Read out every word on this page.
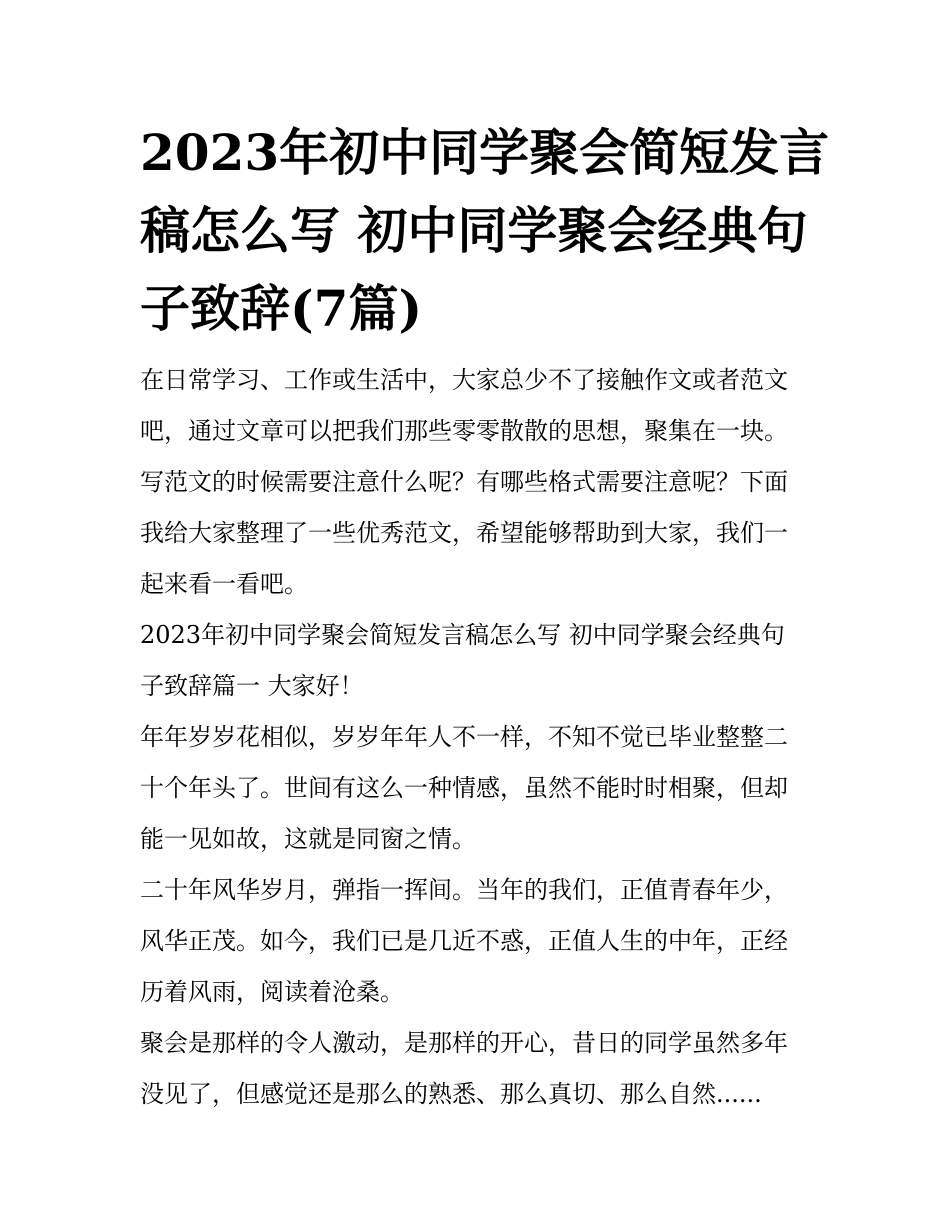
2023年初中同学聚会简短发言
稿怎么写 初中同学聚会经典句
子致辞(7篇)
在日常学习、工作或生活中，大家总少不了接触作文或者范文
吧，通过文章可以把我们那些零零散散的思想，聚集在一块。
写范文的时候需要注意什么呢？有哪些格式需要注意呢？下面
我给大家整理了一些优秀范文，希望能够帮助到大家，我们一
起来看一看吧。
2023年初中同学聚会简短发言稿怎么写 初中同学聚会经典句
子致辞篇一 大家好！
年年岁岁花相似，岁岁年年人不一样，不知不觉已毕业整整二
十个年头了。世间有这么一种情感，虽然不能时时相聚，但却
能一见如故，这就是同窗之情。
二十年风华岁月，弹指一挥间。当年的我们，正值青春年少，
风华正茂。如今，我们已是几近不惑，正值人生的中年，正经
历着风雨，阅读着沧桑。
聚会是那样的令人激动，是那样的开心，昔日的同学虽然多年
没见了，但感觉还是那么的熟悉、那么真切、那么自然......
